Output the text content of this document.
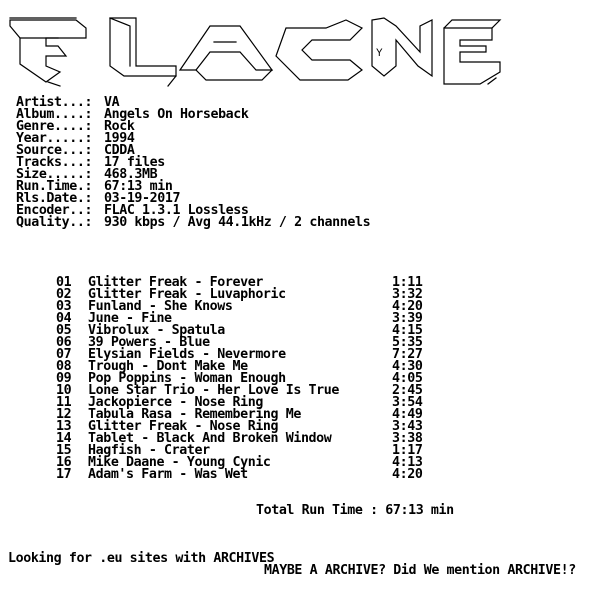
Y
Artist...: VA
Album....: Angels On Horseback
Genre....: Rock
Year.....: 1994
Source...: CDDA
Tracks...: 17 files
Size.....: 468.3MB
Run.Time.: 67:13 min
Rls.Date.: 03-19-2017
Encoder..: FLAC 1.3.1 Lossless
Quality..: 930 kbps / Avg 44.1kHz / 2 channels
01 Glitter Freak - Forever	1:11
02 Glitter Freak - Luvaphoric	3:32
03 Funland - She Knows	4:20
04 June - Fine	3:39
05 Vibrolux - Spatula	4:15
06 39 Powers - Blue	5:35
07 Elysian Fields - Nevermore	7:27
08 Trough - Dont Make Me	4:30
09 Pop Poppins - Woman Enough	4:05
10 Lone Star Trio - Her Love Is True	2:45
11 Jackopierce - Nose Ring	3:54
12 Tabula Rasa - Remembering Me	4:49
13 Glitter Freak - Nose Ring	3:43
14 Tablet - Black And Broken Window	3:38
15 Hagfish - Crater	1:17
16 Mike Daane - Young Cynic	4:13
17 Adam's Farm - Was Wet	4:20
Total Run Time : 67:13 min
Looking for .eu sites with ARCHIVES
MAYBE A ARCHIVE? Did We mention ARCHIVE!?
